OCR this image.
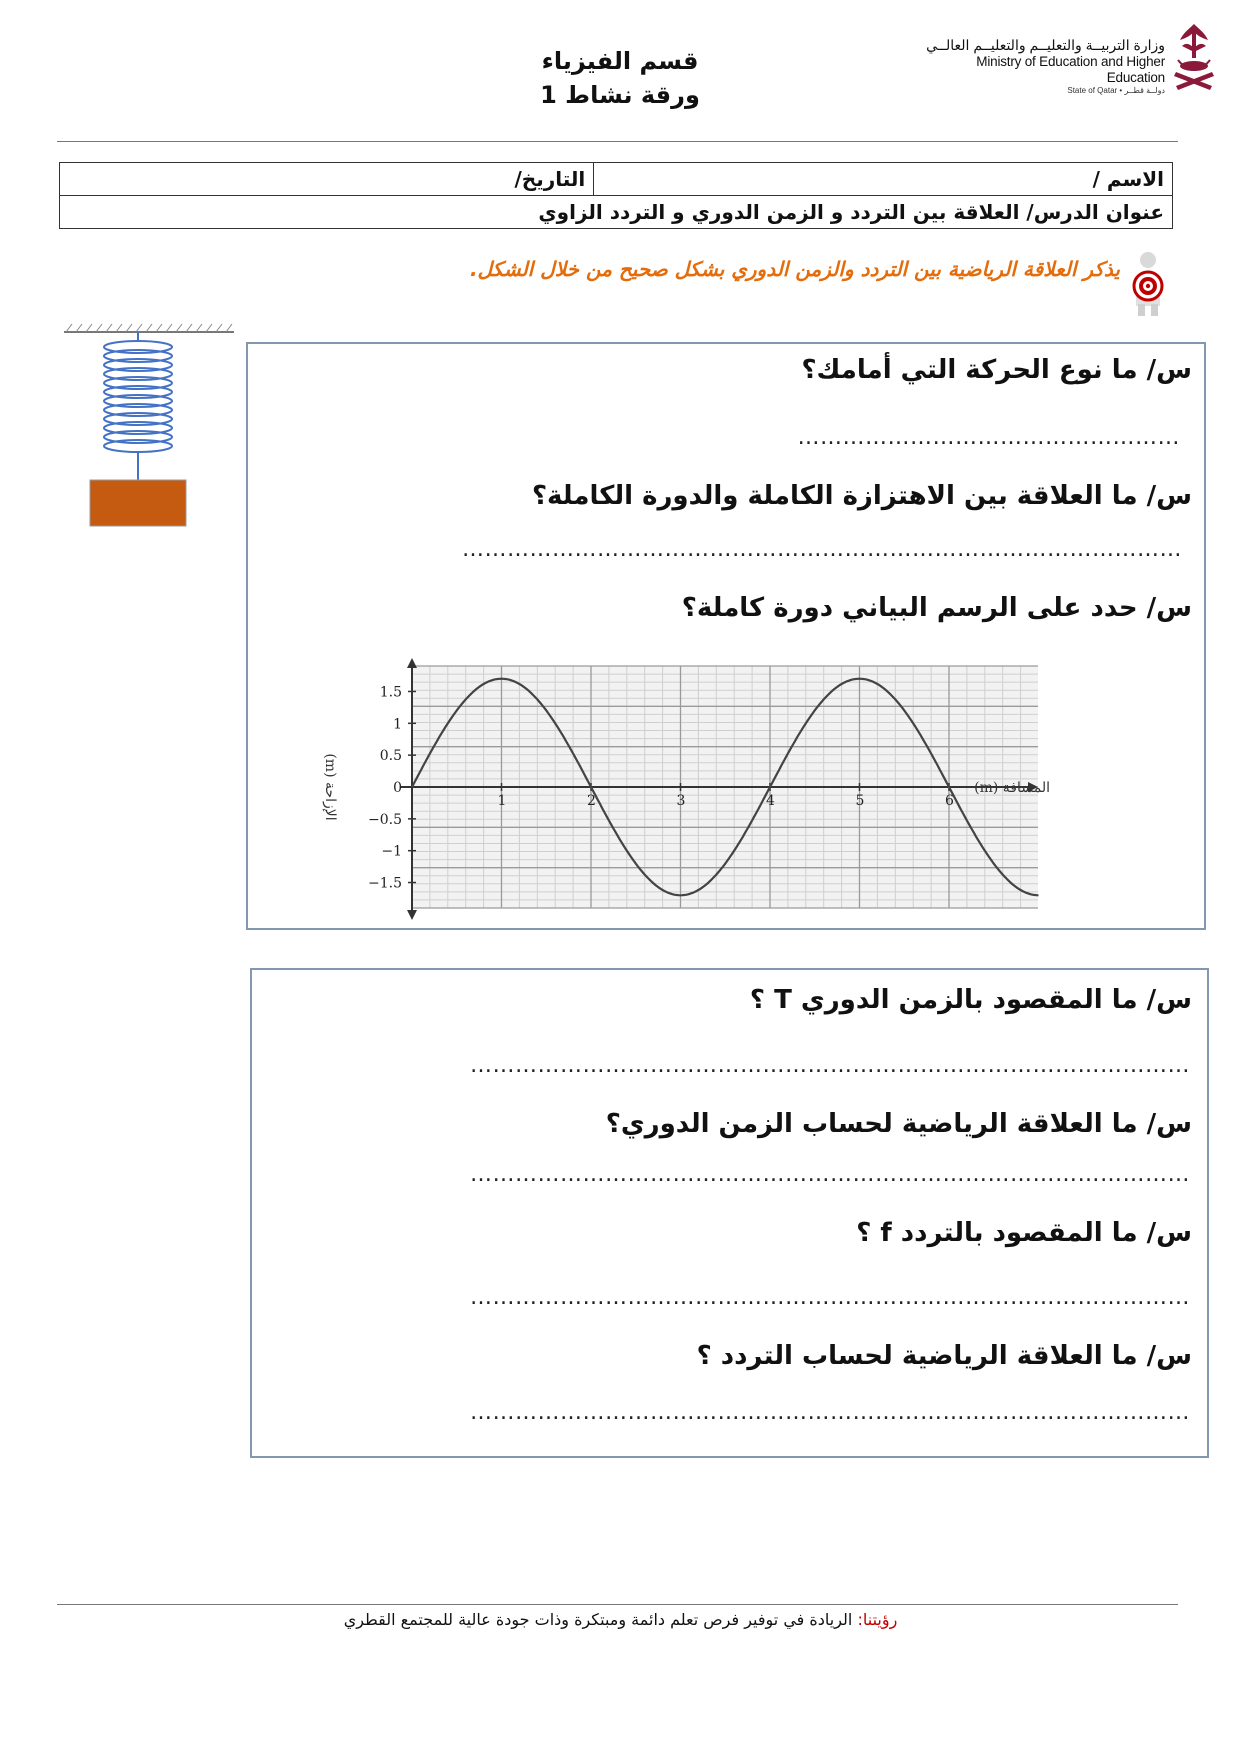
قسم الفيزياء
ورقة نشاط 1
وزارة التربيــة والتعليــم والتعليــم العالــي
Ministry of Education and Higher Education
State of Qatar • دولــة قطــر
الاسم /	التاريخ/
عنوان الدرس/ العلاقة بين التردد و الزمن الدوري و التردد الزاوي
يذكر العلاقة الرياضية بين التردد والزمن الدوري بشكل صحيح من خلال الشكل.
س/ ما نوع الحركة التي أمامك؟
……………………………………………
س/ ما العلاقة بين الاهتزازة الكاملة والدورة الكاملة؟
……………………………………………………………………………………
س/ حدد على الرسم البياني دورة كاملة؟
1	2	3	4	5	6
1.5
1
0.5
0
−0.5
−1
−1.5
المسافة (m)
الإزاحة (m)
س/ ما المقصود بالزمن الدوري T ؟
……………………………………………………………………………………
س/ ما العلاقة الرياضية لحساب الزمن الدوري؟
……………………………………………………………………………………
س/ ما المقصود بالتردد f ؟
……………………………………………………………………………………
س/ ما العلاقة الرياضية لحساب التردد ؟
……………………………………………………………………………………
رؤيتنا: الريادة في توفير فرص تعلم دائمة ومبتكرة وذات جودة عالية للمجتمع القطري
